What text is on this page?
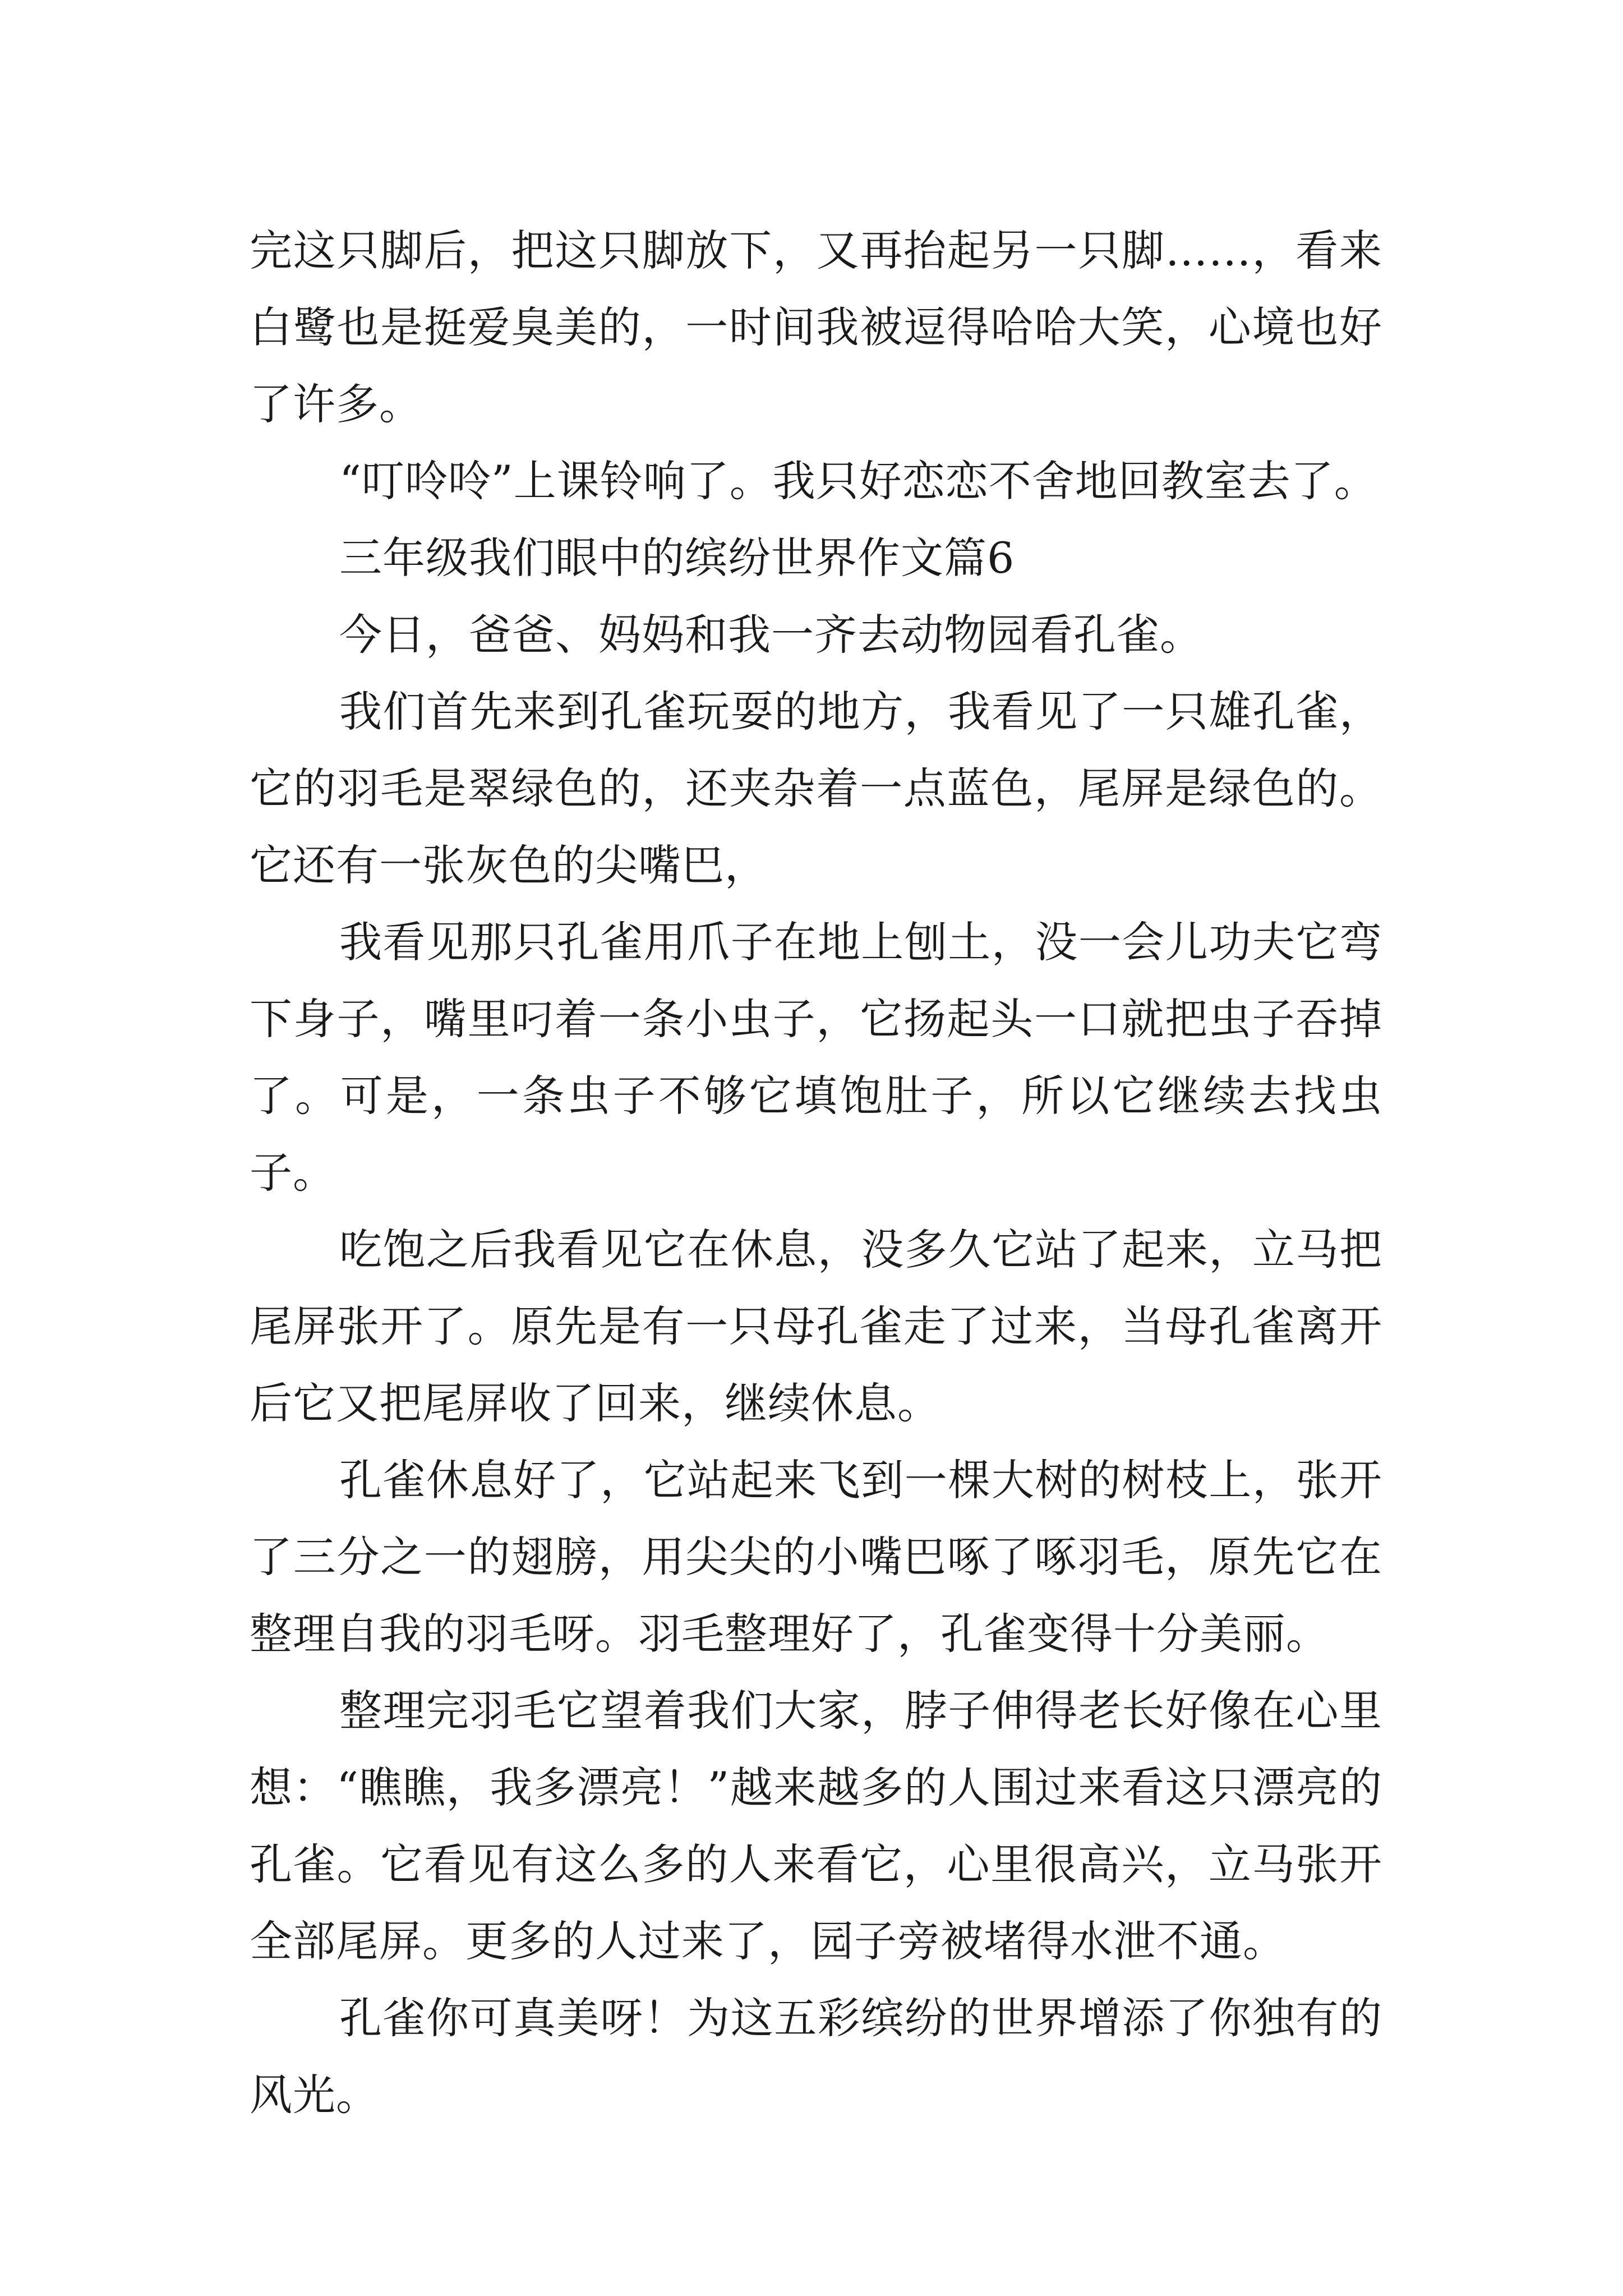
完这只脚后，把这只脚放下，又再抬起另一只脚……，看来白鹭也是挺爱臭美的，一时间我被逗得哈哈大笑，心境也好了许多。

“叮呤呤”上课铃响了。我只好恋恋不舍地回教室去了。

三年级我们眼中的缤纷世界作文篇6

今日，爸爸、妈妈和我一齐去动物园看孔雀。

我们首先来到孔雀玩耍的地方，我看见了一只雄孔雀，它的羽毛是翠绿色的，还夹杂着一点蓝色，尾屏是绿色的。它还有一张灰色的尖嘴巴，

我看见那只孔雀用爪子在地上刨土，没一会儿功夫它弯下身子，嘴里叼着一条小虫子，它扬起头一口就把虫子吞掉了。可是，一条虫子不够它填饱肚子，所以它继续去找虫子。

吃饱之后我看见它在休息，没多久它站了起来，立马把尾屏张开了。原先是有一只母孔雀走了过来，当母孔雀离开后它又把尾屏收了回来，继续休息。

孔雀休息好了，它站起来飞到一棵大树的树枝上，张开了三分之一的翅膀，用尖尖的小嘴巴啄了啄羽毛，原先它在整理自我的羽毛呀。羽毛整理好了，孔雀变得十分美丽。

整理完羽毛它望着我们大家，脖子伸得老长好像在心里想：“瞧瞧，我多漂亮！”越来越多的人围过来看这只漂亮的孔雀。它看见有这么多的人来看它，心里很高兴，立马张开全部尾屏。更多的人过来了，园子旁被堵得水泄不通。

孔雀你可真美呀！为这五彩缤纷的世界增添了你独有的风光。
